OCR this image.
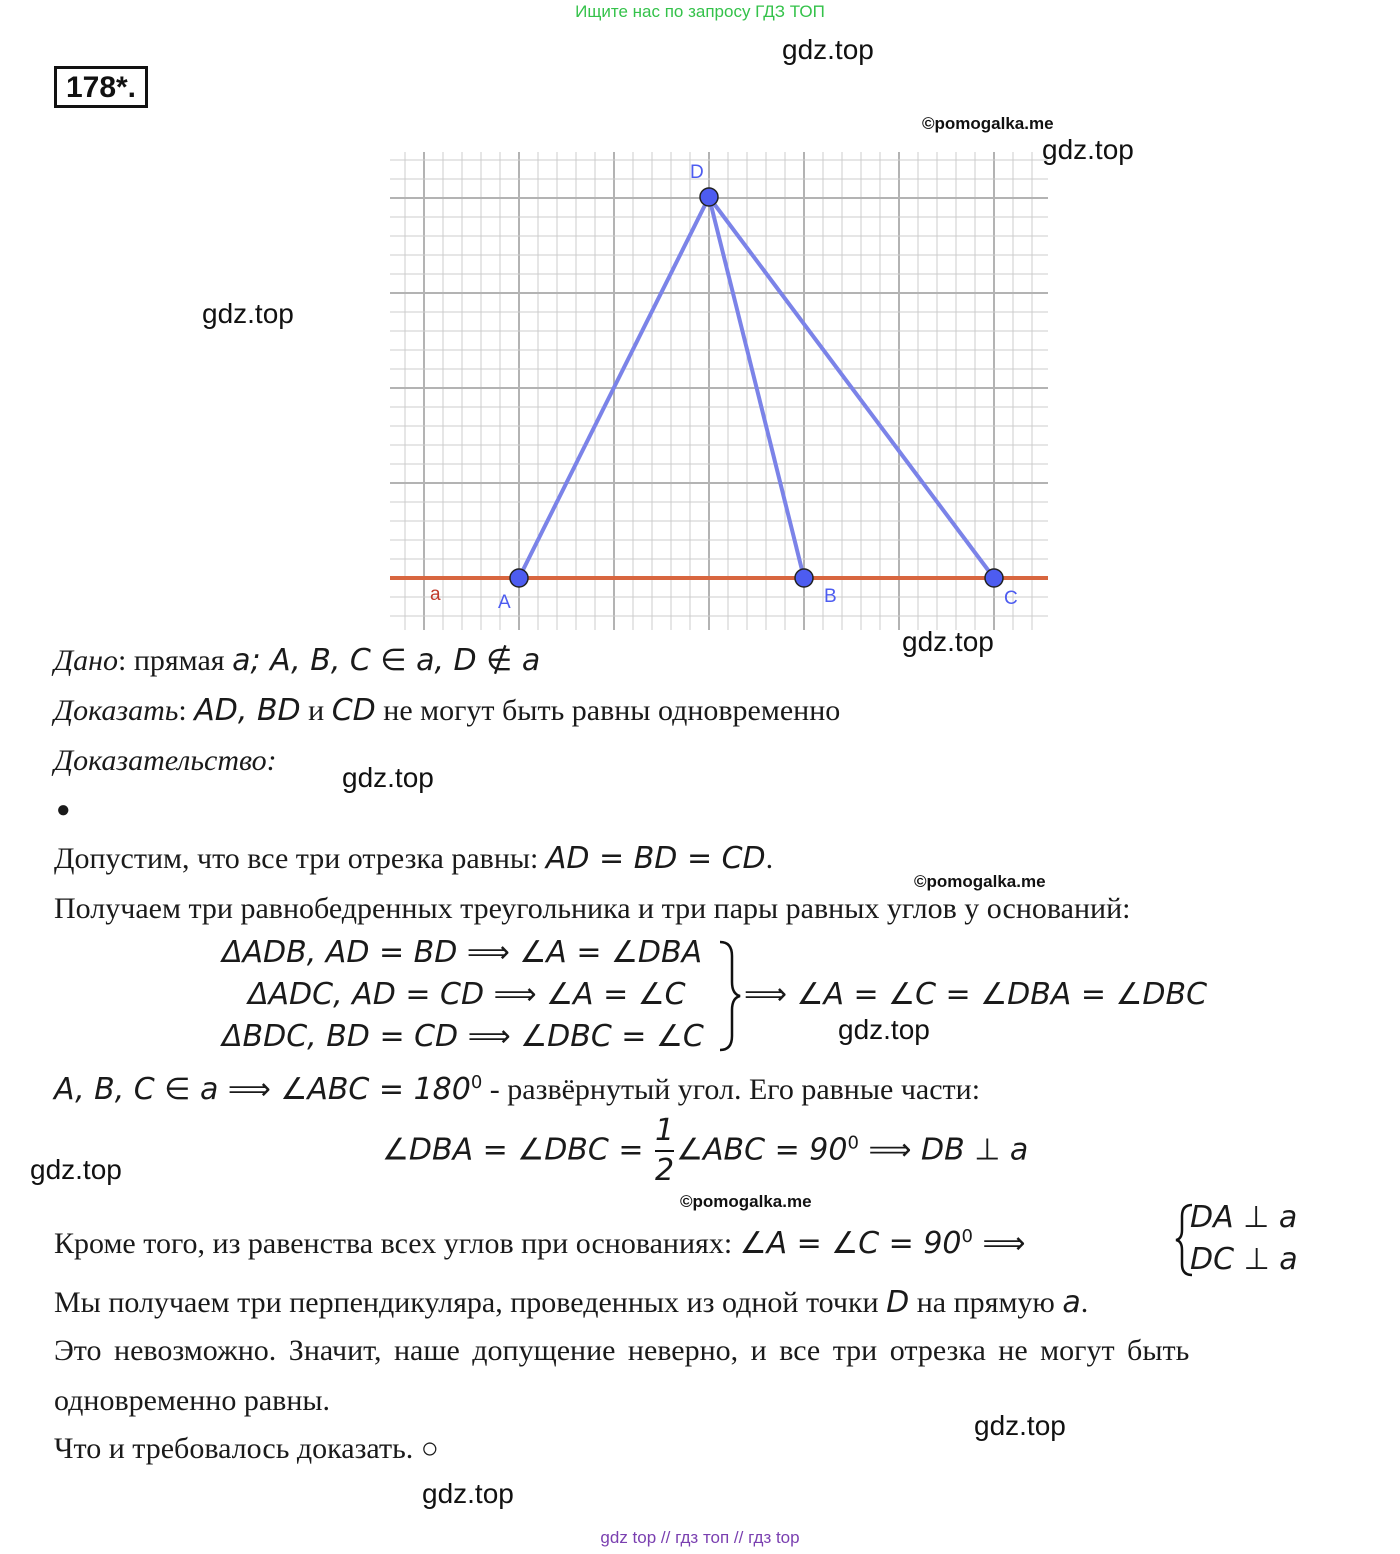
Ищите нас по запросу ГДЗ ТОП
178*.
gdz.top
©pomogalka.me
gdz.top
gdz.top
gdz.top
gdz.top
©pomogalka.me
gdz.top
gdz.top
©pomogalka.me
gdz.top
gdz.top
D
A	B	C
a
Дано: прямая a; A, B, C ∈ a, D ∉ a
Доказать: AD, BD и CD не могут быть равны одновременно
Доказательство:
●
Допустим, что все три отрезка равны: AD = BD = CD.
Получаем три равнобедренных треугольника и три пары равных углов у оснований:
ΔADB, AD = BD ⟹ ∠A = ∠DBA
ΔADC, AD = CD ⟹ ∠A = ∠C
ΔBDC, BD = CD ⟹ ∠DBC = ∠C
⟹ ∠A = ∠C = ∠DBA = ∠DBC
A, B, C ∈ a ⟹ ∠ABC = $180^0$ - развёрнутый угол. Его равные части:
∠DBA = ∠DBC = $\frac{1}{2}$ ∠ABC = $90^0$ ⟹ DB ⊥ a
Кроме того, из равенства всех углов при основаниях: ∠A = ∠C = $90^0$ ⟹
DA ⊥ a
DC ⊥ a
Мы получаем три перпендикуляра, проведенных из одной точки D на прямую a.
Это невозможно. Значит, наше допущение неверно, и все три отрезка не могут быть
одновременно равны.
Что и требовалось доказать. ○
gdz top // гдз топ // гдз top
